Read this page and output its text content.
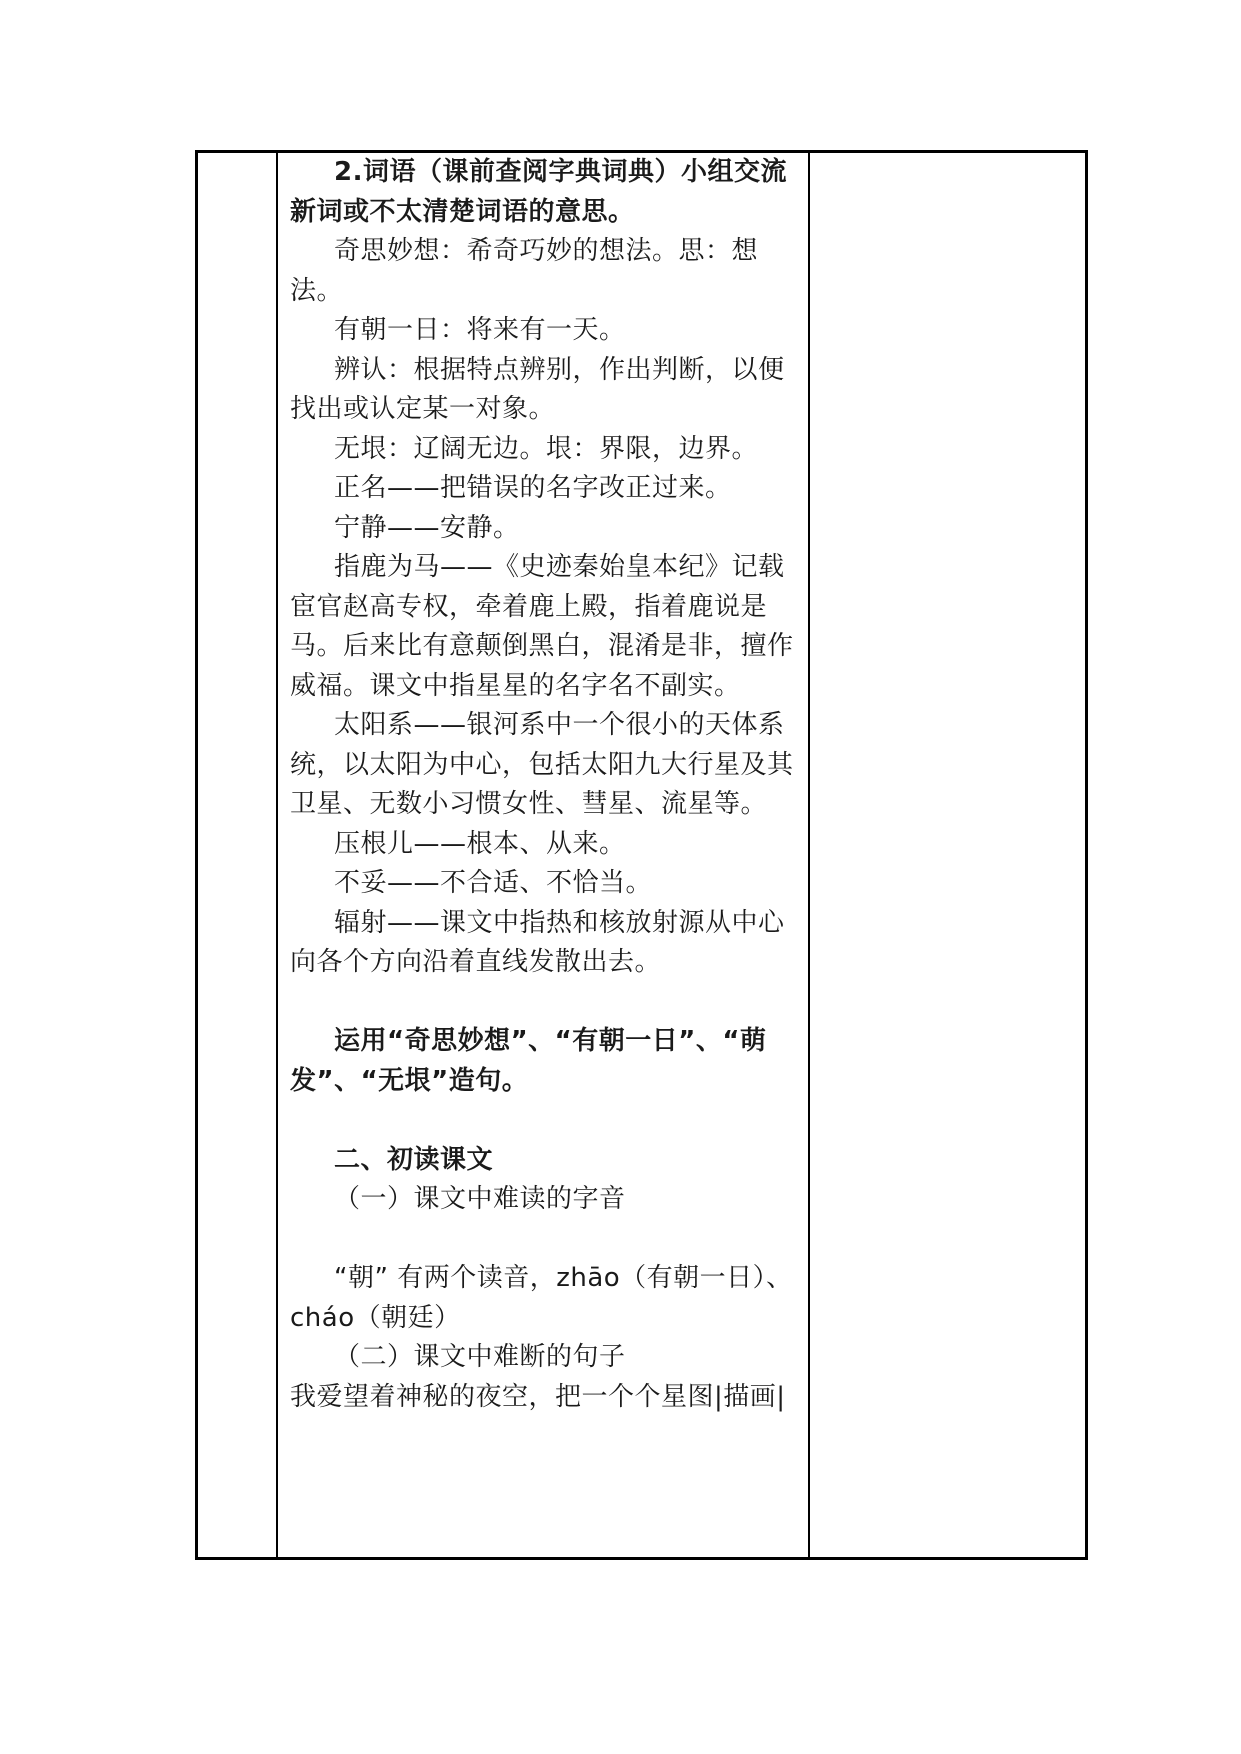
2.词语（课前查阅字典词典）小组交流新词或不太清楚词语的意思。

奇思妙想：希奇巧妙的想法。思：想法。

有朝一日：将来有一天。

辨认：根据特点辨别，作出判断，以便找出或认定某一对象。

无垠：辽阔无边。垠：界限，边界。

正名——把错误的名字改正过来。

宁静——安静。

指鹿为马——《史迹秦始皇本纪》记载宦官赵高专权，牵着鹿上殿，指着鹿说是马。后来比有意颠倒黑白，混淆是非，擅作威福。课文中指星星的名字名不副实。

太阳系——银河系中一个很小的天体系统，以太阳为中心，包括太阳九大行星及其卫星、无数小习惯女性、彗星、流星等。

压根儿——根本、从来。

不妥——不合适、不恰当。

辐射——课文中指热和核放射源从中心向各个方向沿着直线发散出去。

运用“奇思妙想”、“有朝一日”、“萌发”、“无垠”造句。

二、初读课文

（一）课文中难读的字音

“朝” 有两个读音，zhāo（有朝一日）、cháo（朝廷）

（二）课文中难断的句子

我爱望着神秘的夜空，把一个个星图|描画|
